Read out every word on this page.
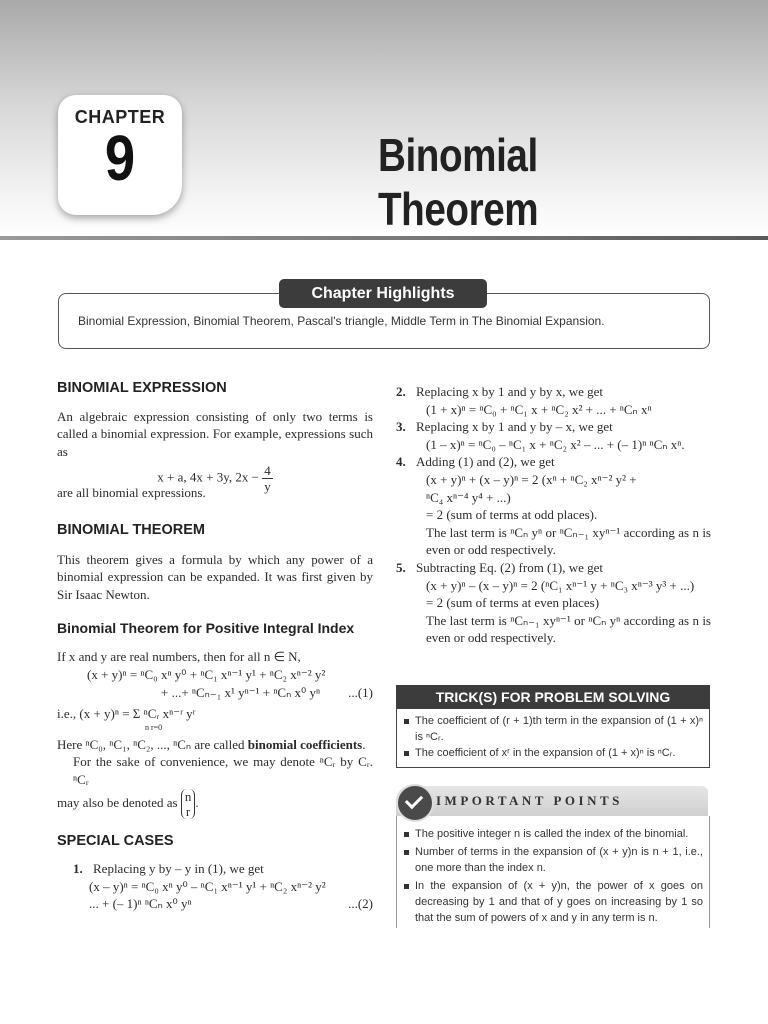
CHAPTER
9	Binomial Theorem
Chapter Highlights
Binomial Expression, Binomial Theorem, Pascal's triangle, Middle Term in The Binomial Expansion.
BINOMIAL EXPRESSION

An algebraic expression consisting of only two terms is called a binomial expression. For example, expressions such as

x + a, 4x + 3y, $2x - \frac{4}{y}$

are all binomial expressions.

BINOMIAL THEOREM

This theorem gives a formula by which any power of a binomial expression can be expanded. It was first given by Sir Isaac Newton.

Binomial Theorem for Positive Integral Index

If x and y are real numbers, then for all n ∈ N,

(x + y)ⁿ = ⁿC₀ xⁿ y⁰ + ⁿC₁ xⁿ⁻¹ y¹ + ⁿC₂ xⁿ⁻² y²
+ ...+ ⁿCₙ₋₁ x¹ yⁿ⁻¹ + ⁿCₙ x⁰ yⁿ ...(1)
i.e., (x + y)ⁿ = Σ ⁿCᵣ xⁿ⁻ʳ yʳ
n r=0

Here ⁿC₀, ⁿC₁, ⁿC₂, ..., ⁿCₙ are called binomial coefficients.

For the sake of convenience, we may denote ⁿCᵣ by Cᵣ. ⁿCᵣ

may also be denoted as n
r
.

SPECIAL CASES
1. Replacing y by – y in (1), we get
(x – y)ⁿ = ⁿC₀ xⁿ y⁰ – ⁿC₁ xⁿ⁻¹ y¹ + ⁿC₂ xⁿ⁻² y²
... + (– 1)ⁿ ⁿCₙ x⁰ yⁿ	...(2)
2. Replacing x by 1 and y by x, we get
(1 + x)ⁿ = ⁿC₀ + ⁿC₁ x + ⁿC₂ x² + ... + ⁿCₙ xⁿ
3. Replacing x by 1 and y by – x, we get
(1 – x)ⁿ = ⁿC₀ – ⁿC₁ x + ⁿC₂ x² – ... + (– 1)ⁿ ⁿCₙ xⁿ.
4. Adding (1) and (2), we get
(x + y)ⁿ + (x – y)ⁿ = 2 (xⁿ + ⁿC₂ xⁿ⁻² y² +
ⁿC₄ xⁿ⁻⁴ y⁴ + ...)
= 2 (sum of terms at odd places).

The last term is ⁿCₙ yⁿ or ⁿCₙ₋₁ xyⁿ⁻¹ according as n is even or odd respectively.

5. Subtracting Eq. (2) from (1), we get
(x + y)ⁿ – (x – y)ⁿ = 2 (ⁿC₁ xⁿ⁻¹ y + ⁿC₃ xⁿ⁻³ y³ + ...)
= 2 (sum of terms at even places)

The last term is ⁿCₙ₋₁ xyⁿ⁻¹ or ⁿCₙ yⁿ according as n is even or odd respectively.

TRICK(S) FOR PROBLEM SOLVING
The coefficient of (r + 1)th term in the expansion of (1 + x)ⁿ is ⁿCᵣ.
The coefficient of xʳ in the expansion of (1 + x)ⁿ is ⁿCᵣ.
IMPORTANT POINTS
The positive integer n is called the index of the binomial.
Number of terms in the expansion of (x + y)n is n + 1, i.e., one more than the index n.
In the expansion of (x + y)n, the power of x goes on decreasing by 1 and that of y goes on increasing by 1 so that the sum of powers of x and y in any term is n.
